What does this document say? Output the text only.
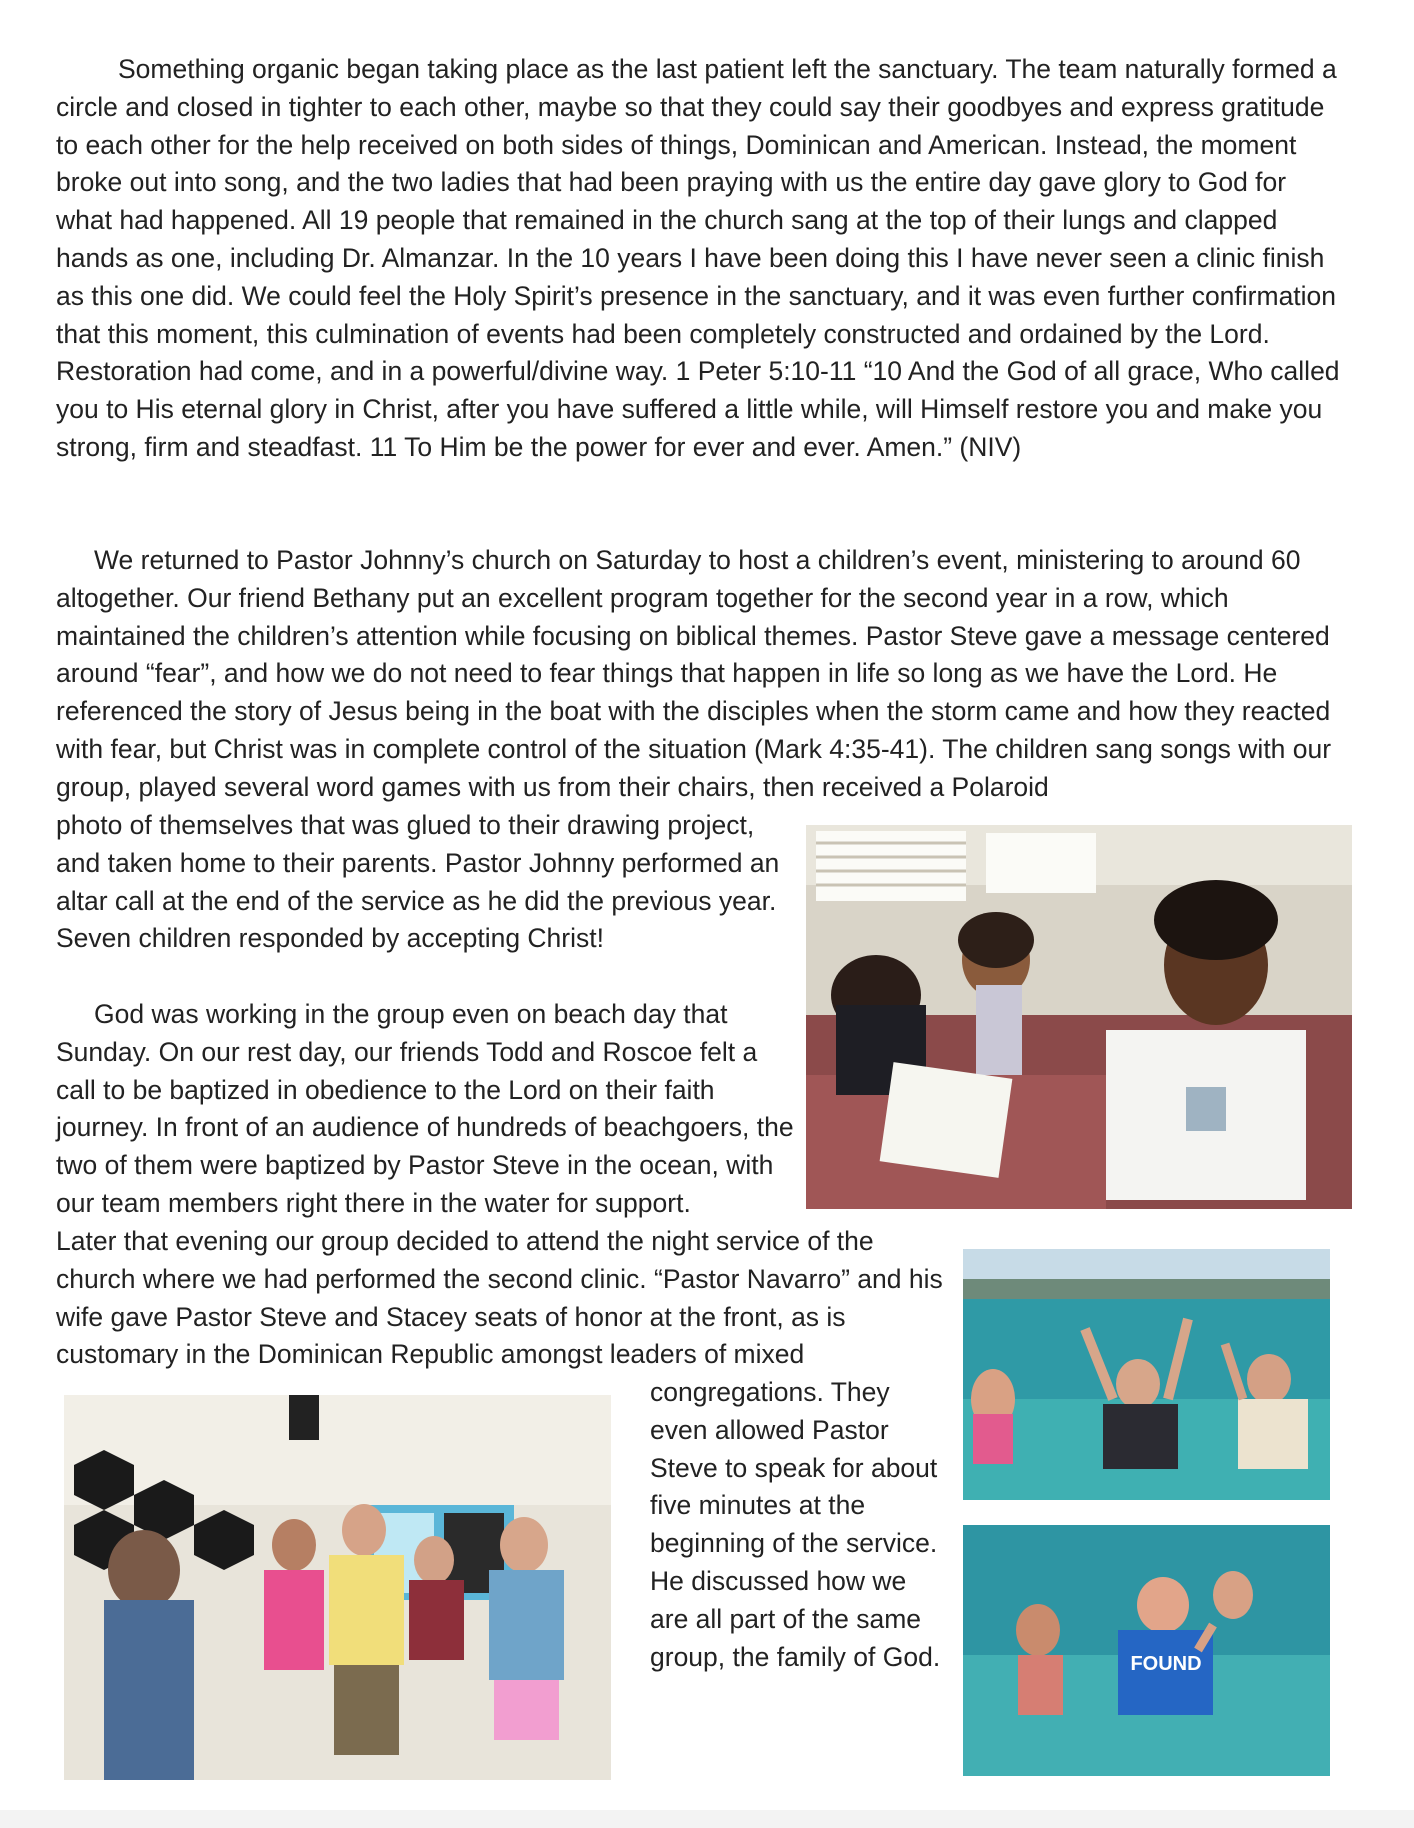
Something organic began taking place as the last patient left the sanctuary. The team naturally formed a circle and closed in tighter to each other, maybe so that they could say their goodbyes and express gratitude to each other for the help received on both sides of things, Dominican and American. Instead, the moment broke out into song, and the two ladies that had been praying with us the entire day gave glory to God for what had happened. All 19 people that remained in the church sang at the top of their lungs and clapped hands as one, including Dr. Almanzar. In the 10 years I have been doing this I have never seen a clinic finish as this one did. We could feel the Holy Spirit’s presence in the sanctuary, and it was even further confirmation that this moment, this culmination of events had been completely constructed and ordained by the Lord. Restoration had come, and in a powerful/divine way. 1 Peter 5:10-11 “10 And the God of all grace, Who called you to His eternal glory in Christ, after you have suffered a little while, will Himself restore you and make you strong, firm and steadfast. 11 To Him be the power for ever and ever. Amen.” (NIV)

We returned to Pastor Johnny’s church on Saturday to host a children’s event, ministering to around 60 altogether. Our friend Bethany put an excellent program together for the second year in a row, which maintained the children’s attention while focusing on biblical themes. Pastor Steve gave a message centered around “fear”, and how we do not need to fear things that happen in life so long as we have the Lord. He referenced the story of Jesus being in the boat with the disciples when the storm came and how they reacted with fear, but Christ was in complete control of the situation (Mark 4:35-41). The children sang songs with our group, played several word games with us from their chairs, then received a Polaroid

photo of themselves that was glued to their drawing project, and taken home to their parents. Pastor Johnny performed an altar call at the end of the service as he did the previous year. Seven children responded by accepting Christ!

God was working in the group even on beach day that Sunday. On our rest day, our friends Todd and Roscoe felt a call to be baptized in obedience to the Lord on their faith journey. In front of an audience of hundreds of beachgoers, the two of them were baptized by Pastor Steve in the ocean, with our team members right there in the water for support.

Later that evening our group decided to attend the night service of the church where we had performed the second clinic. “Pastor Navarro” and his wife gave Pastor Steve and Stacey seats of honor at the front, as is customary in the Dominican Republic amongst leaders of mixed

congregations. They even allowed Pastor Steve to speak for about five minutes at the beginning of the service. He discussed how we are all part of the same group, the family of God.	FOUND
